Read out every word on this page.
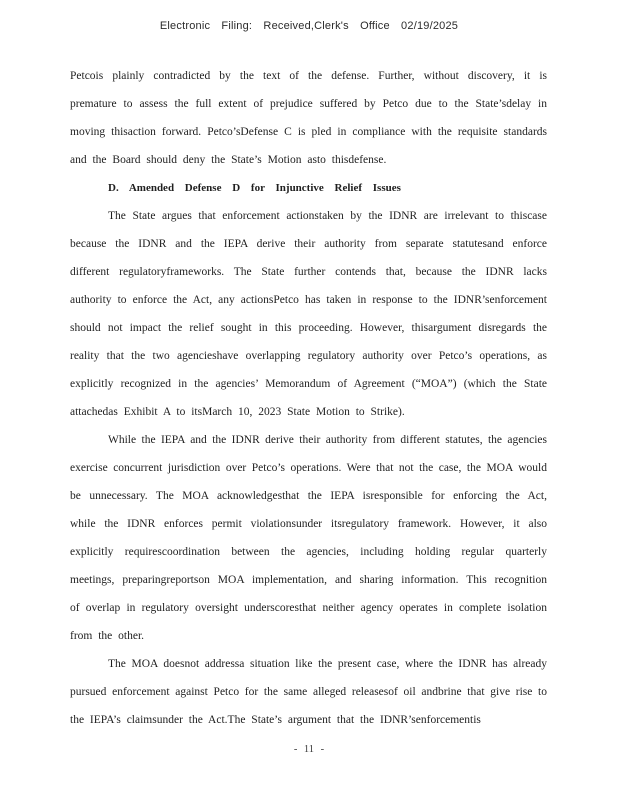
Electronic Filing: Received,Clerk's Office 02/19/2025
Petcois plainly contradicted by the text of the defense. Further, without discovery, it is
premature to assess the full extent of prejudice suffered by Petco due to the State’sdelay in
moving thisaction forward. Petco’sDefense C is pled in compliance with the requisite standards
and the Board should deny the State’s Motion asto thisdefense.
D. Amended Defense D for Injunctive Relief Issues
The State argues that enforcement actionstaken by the IDNR are irrelevant to thiscase
because the IDNR and the IEPA derive their authority from separate statutesand enforce
different regulatoryframeworks. The State further contends that, because the IDNR lacks
authority to enforce the Act, any actionsPetco has taken in response to the IDNR’senforcement
should not impact the relief sought in this proceeding. However, thisargument disregards the
reality that the two agencieshave overlapping regulatory authority over Petco’s operations, as
explicitly recognized in the agencies’ Memorandum of Agreement (“MOA”) (which the State
attachedas Exhibit A to itsMarch 10, 2023 State Motion to Strike).
While the IEPA and the IDNR derive their authority from different statutes, the agencies
exercise concurrent jurisdiction over Petco’s operations. Were that not the case, the MOA would
be unnecessary. The MOA acknowledgesthat the IEPA isresponsible for enforcing the Act,
while the IDNR enforces permit violationsunder itsregulatory framework. However, it also
explicitly requirescoordination between the agencies, including holding regular quarterly
meetings, preparingreportson MOA implementation, and sharing information. This recognition
of overlap in regulatory oversight underscoresthat neither agency operates in complete isolation
from the other.
The MOA doesnot addressa situation like the present case, where the IDNR has already
pursued enforcement against Petco for the same alleged releasesof oil andbrine that give rise to
the IEPA’s claimsunder the Act.The State’s argument that the IDNR’senforcementis
- 11 -
